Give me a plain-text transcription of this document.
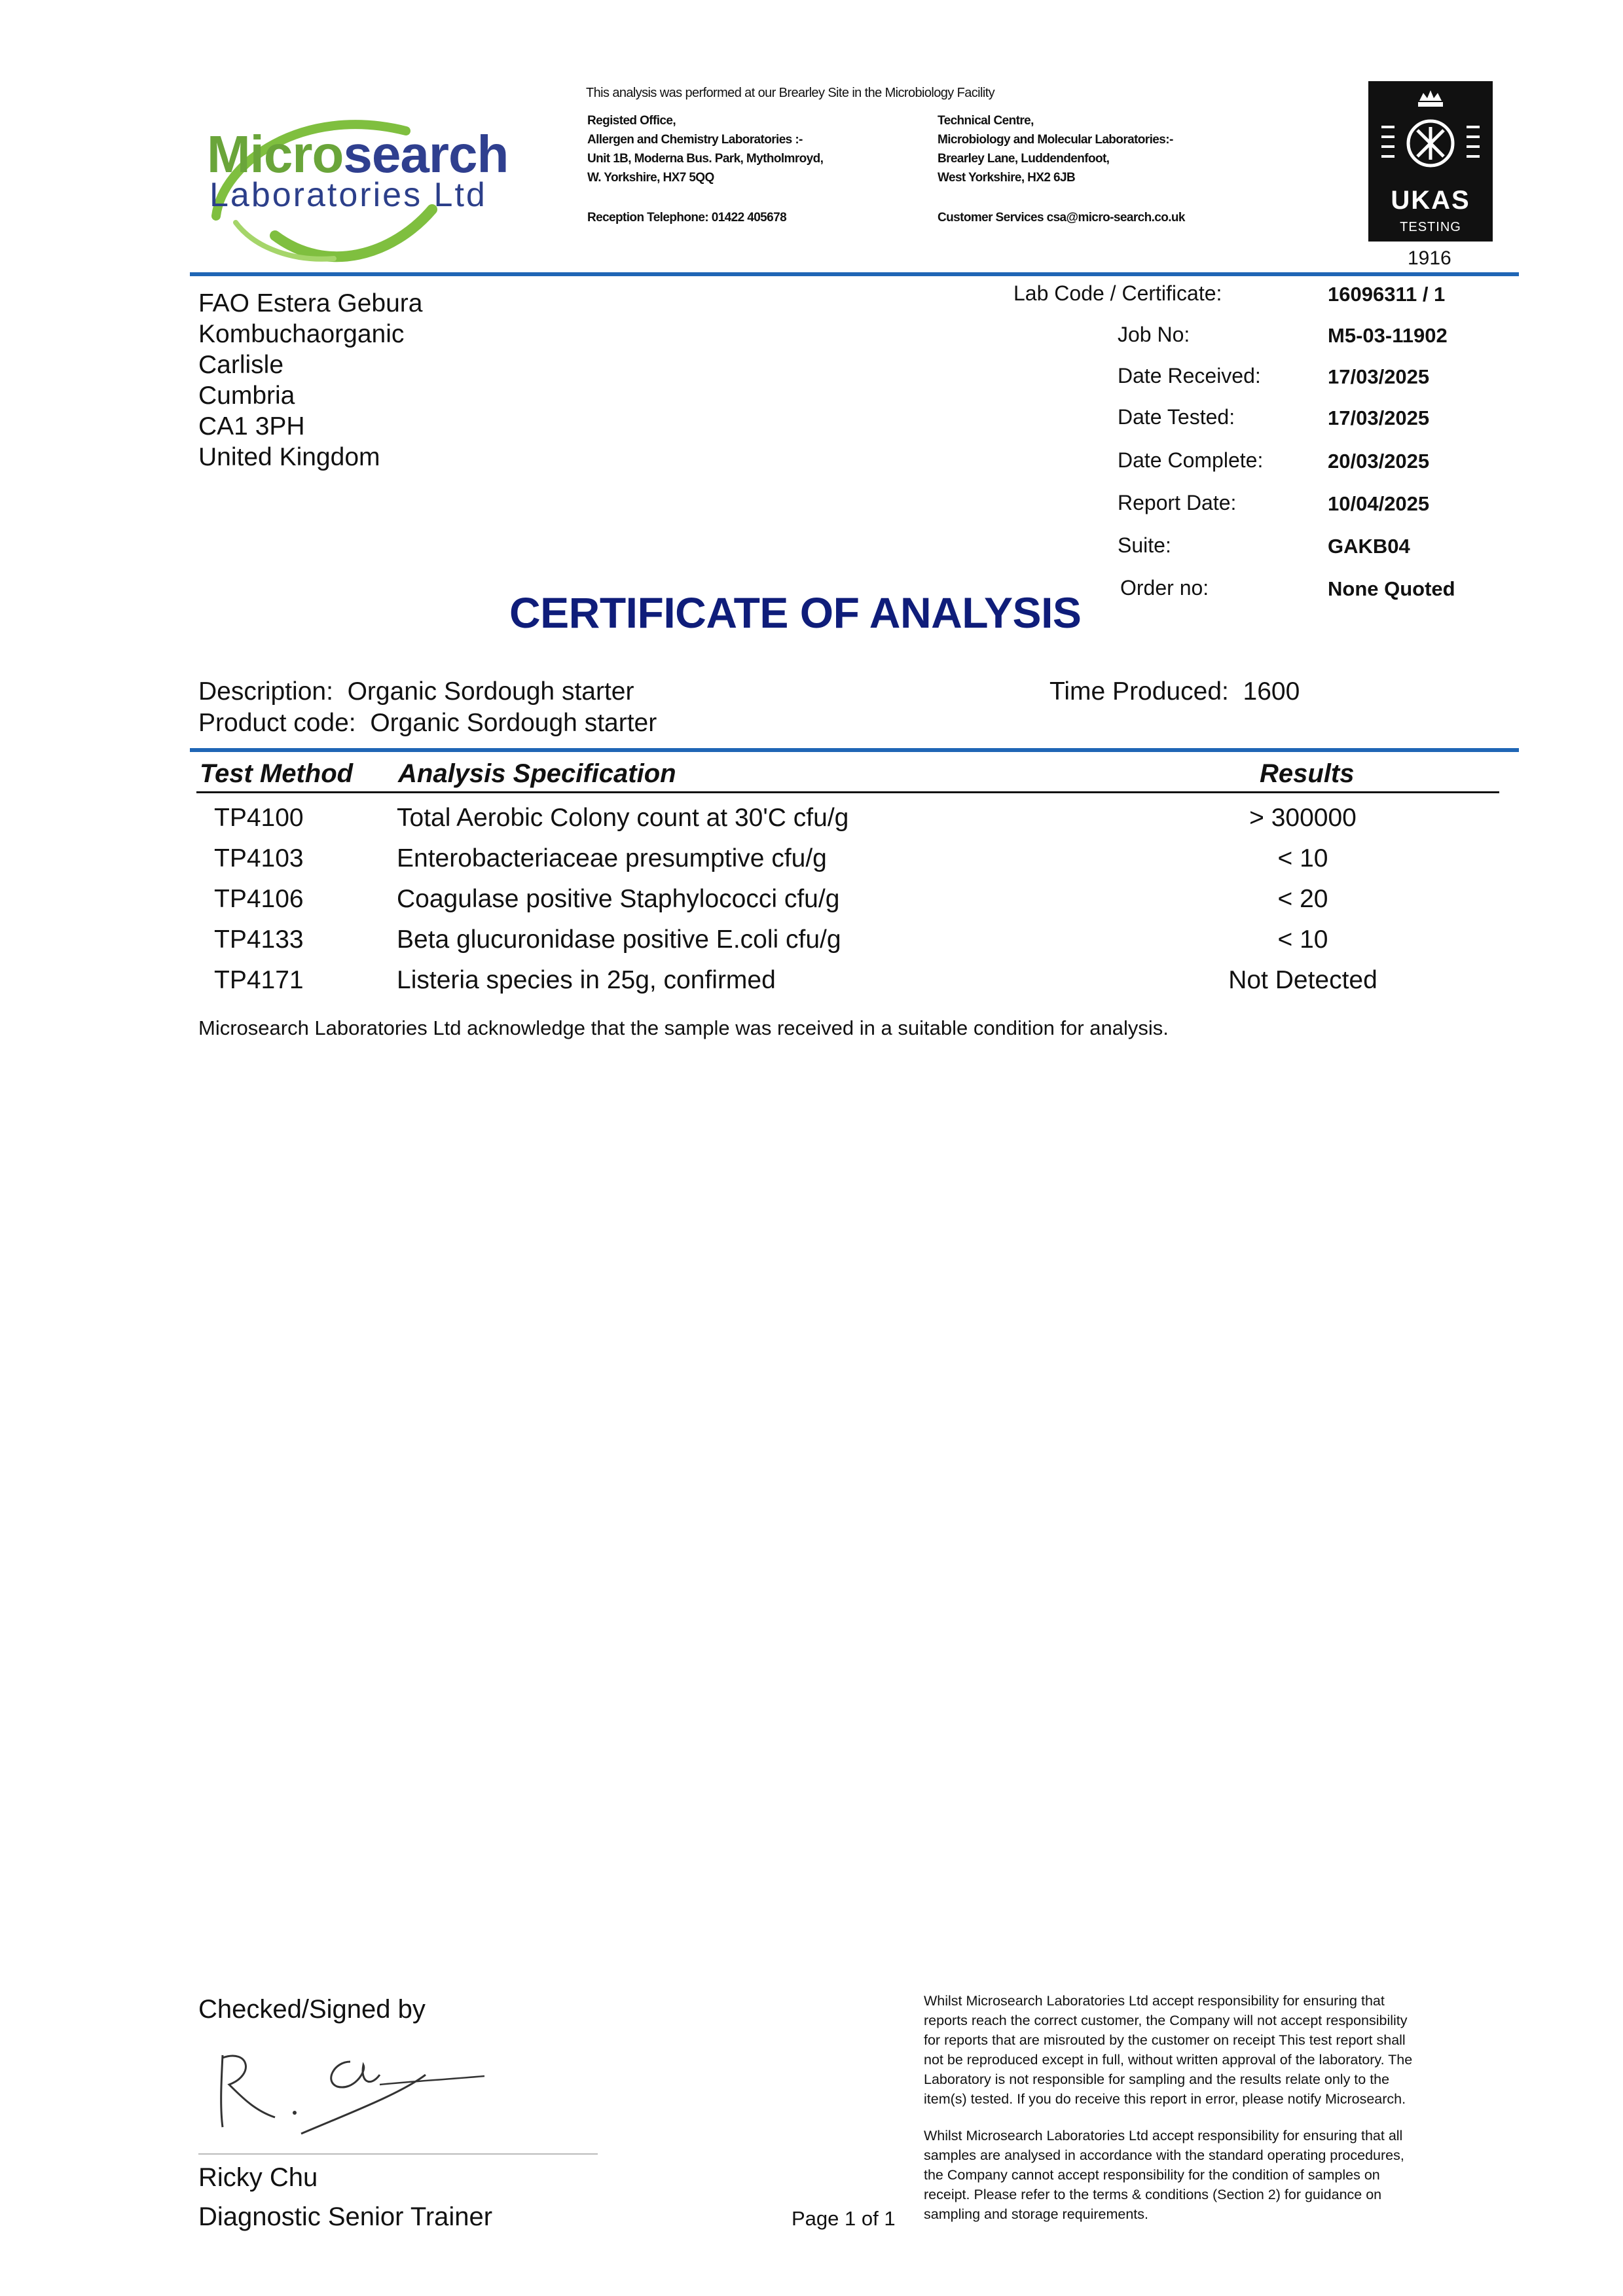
Microsearch
Laboratories Ltd
This analysis was performed at our Brearley Site in the Microbiology Facility
Registed Office,
Allergen and Chemistry Laboratories :-
Unit 1B, Moderna Bus. Park, Mytholmroyd,
W. Yorkshire, HX7 5QQ
Reception Telephone: 01422 405678
Technical Centre,
Microbiology and Molecular Laboratories:-
Brearley Lane, Luddendenfoot,
West Yorkshire, HX2 6JB
Customer Services csa@micro-search.co.uk
UKAS
TESTING
1916
FAO Estera Gebura
Kombuchaorganic
Carlisle
Cumbria
CA1 3PH
United Kingdom
Lab Code / Certificate:	16096311 / 1
Job No:	M5-03-11902
Date Received:	17/03/2025
Date Tested:	17/03/2025
Date Complete:	20/03/2025
Report Date:	10/04/2025
Suite:	GAKB04
Order no:	None Quoted
CERTIFICATE OF ANALYSIS
Description: Organic Sordough starter
Product code: Organic Sordough starter
Time Produced: 1600
Test Method Analysis Specification	Results
TP4100	Total Aerobic Colony count at 30'C cfu/g	> 300000
TP4103	Enterobacteriaceae presumptive cfu/g	< 10
TP4106	Coagulase positive Staphylococci cfu/g	< 20
TP4133	Beta glucuronidase positive E.coli cfu/g	< 10
TP4171	Listeria species in 25g, confirmed	Not Detected
Microsearch Laboratories Ltd acknowledge that the sample was received in a suitable condition for analysis.
Checked/Signed by
Ricky Chu
Diagnostic Senior Trainer	Page 1 of 1
Whilst Microsearch Laboratories Ltd accept responsibility for ensuring that
reports reach the correct customer, the Company will not accept responsibility
for reports that are misrouted by the customer on receipt This test report shall
not be reproduced except in full, without written approval of the laboratory. The
Laboratory is not responsible for sampling and the results relate only to the
item(s) tested. If you do receive this report in error, please notify Microsearch.
Whilst Microsearch Laboratories Ltd accept responsibility for ensuring that all
samples are analysed in accordance with the standard operating procedures,
the Company cannot accept responsibility for the condition of samples on
receipt. Please refer to the terms & conditions (Section 2) for guidance on
sampling and storage requirements.
